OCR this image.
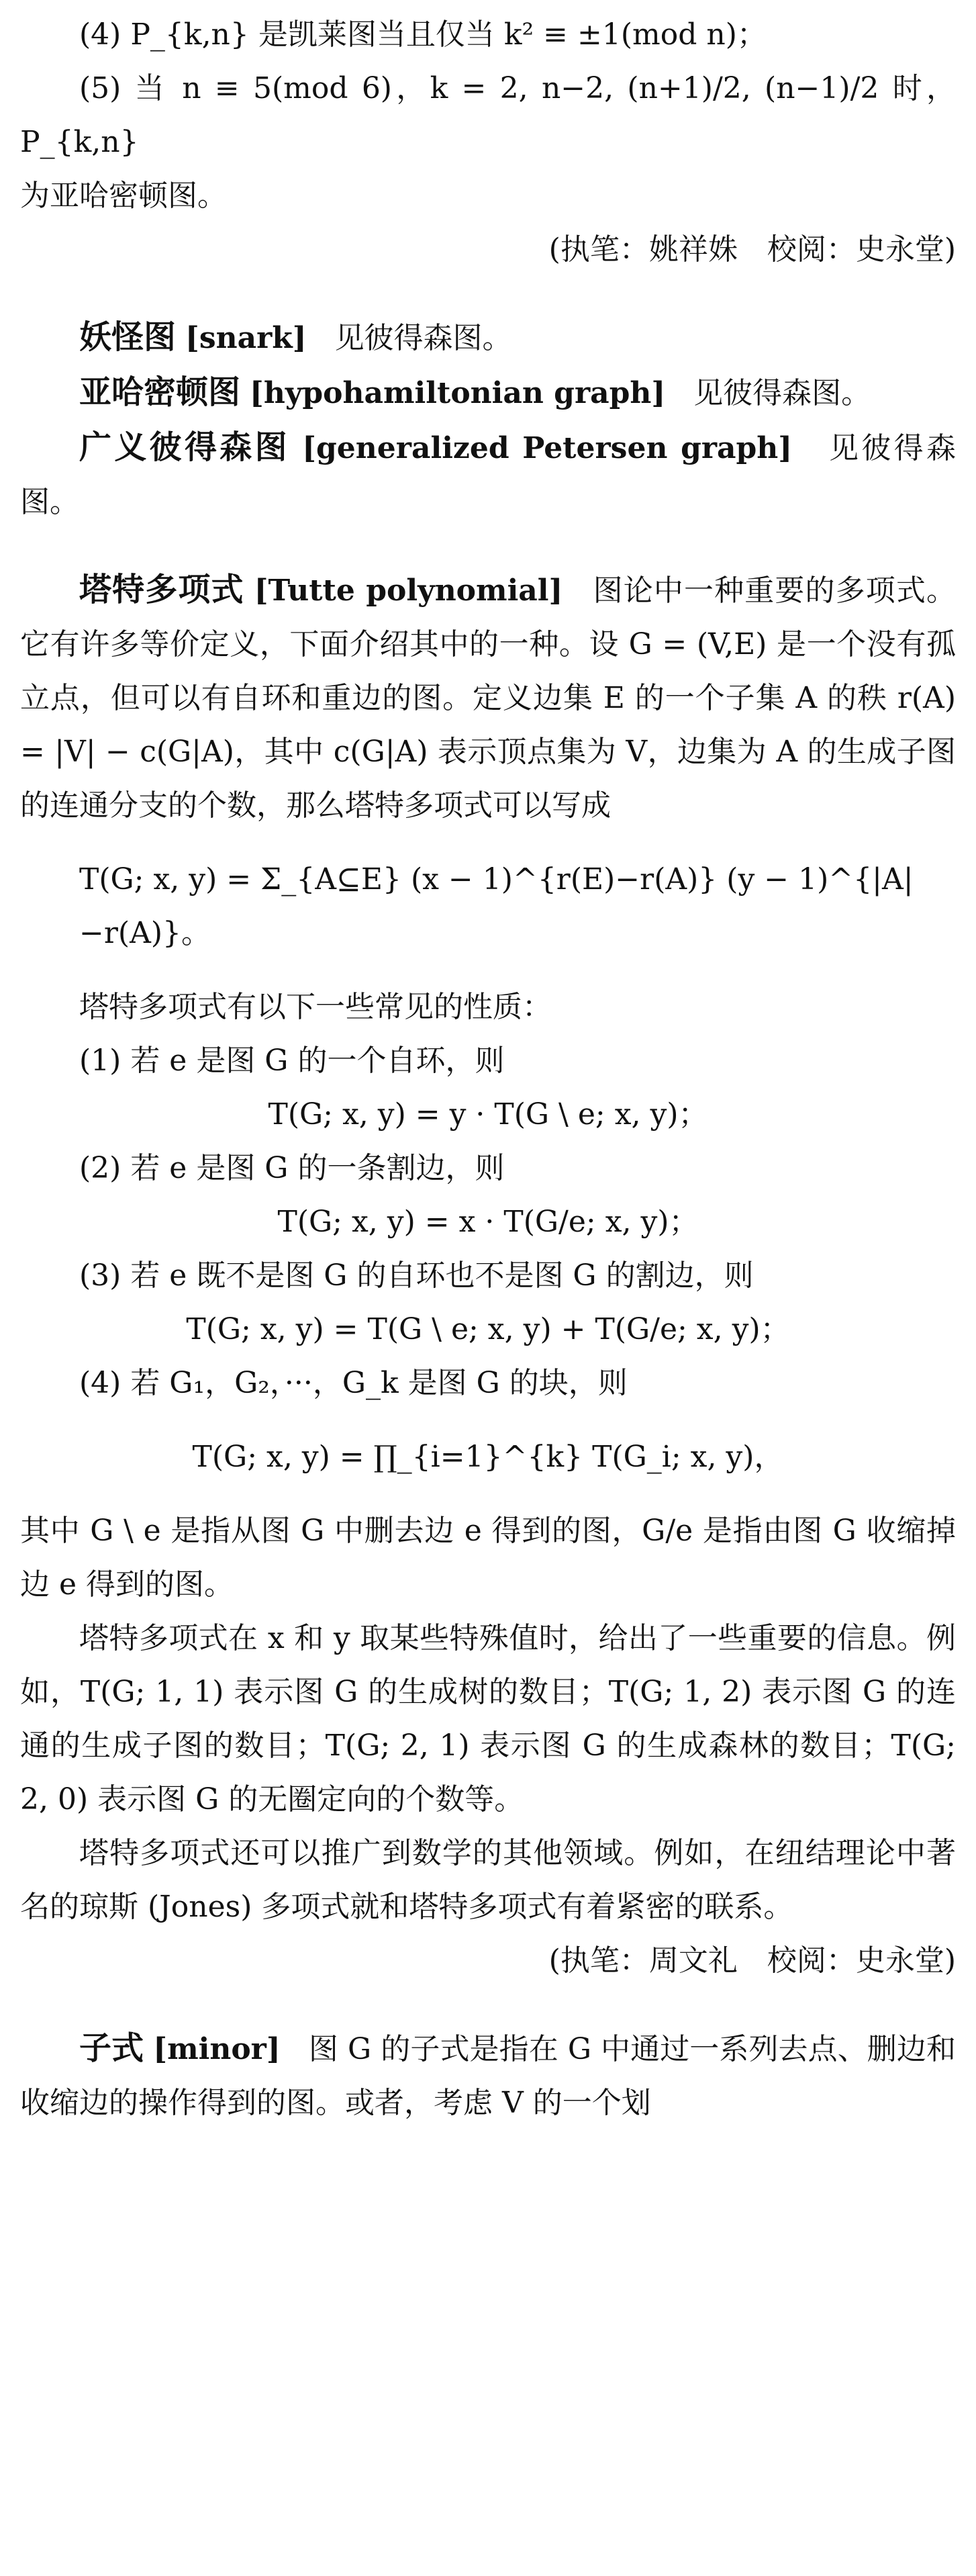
(4) P_{k,n} 是凯莱图当且仅当 k² ≡ ±1(mod n)；

(5) 当 n ≡ 5(mod 6)，k = 2, n−2, (n+1)/2, (n−1)/2 时，P_{k,n}

为亚哈密顿图。

(执笔：姚祥姝　校阅：史永堂)

妖怪图 [snark] 见彼得森图。

亚哈密顿图 [hypohamiltonian graph] 见彼得森图。

广义彼得森图 [generalized Petersen graph] 见彼得森图。

塔特多项式 [Tutte polynomial] 图论中一种重要的多项式。它有许多等价定义，下面介绍其中的一种。设 G = (V,E) 是一个没有孤立点，但可以有自环和重边的图。定义边集 E 的一个子集 A 的秩 r(A) = |V| − c(G|A)，其中 c(G|A) 表示顶点集为 V，边集为 A 的生成子图的连通分支的个数，那么塔特多项式可以写成

T(G; x, y) = Σ_{A⊆E} (x − 1)^{r(E)−r(A)} (y − 1)^{|A|−r(A)}。

塔特多项式有以下一些常见的性质：

(1) 若 e 是图 G 的一个自环，则

T(G; x, y) = y · T(G \ e; x, y)；

(2) 若 e 是图 G 的一条割边，则

T(G; x, y) = x · T(G/e; x, y)；

(3) 若 e 既不是图 G 的自环也不是图 G 的割边，则

T(G; x, y) = T(G \ e; x, y) + T(G/e; x, y)；

(4) 若 G₁，G₂，···，G_k 是图 G 的块，则

T(G; x, y) = ∏_{i=1}^{k} T(G_i; x, y)，

其中 G \ e 是指从图 G 中删去边 e 得到的图，G/e 是指由图 G 收缩掉边 e 得到的图。

塔特多项式在 x 和 y 取某些特殊值时，给出了一些重要的信息。例如，T(G; 1, 1) 表示图 G 的生成树的数目；T(G; 1, 2) 表示图 G 的连通的生成子图的数目；T(G; 2, 1) 表示图 G 的生成森林的数目；T(G; 2, 0) 表示图 G 的无圈定向的个数等。

塔特多项式还可以推广到数学的其他领域。例如，在纽结理论中著名的琼斯 (Jones) 多项式就和塔特多项式有着紧密的联系。

(执笔：周文礼　校阅：史永堂)

子式 [minor] 图 G 的子式是指在 G 中通过一系列去点、删边和收缩边的操作得到的图。或者，考虑 V 的一个划
